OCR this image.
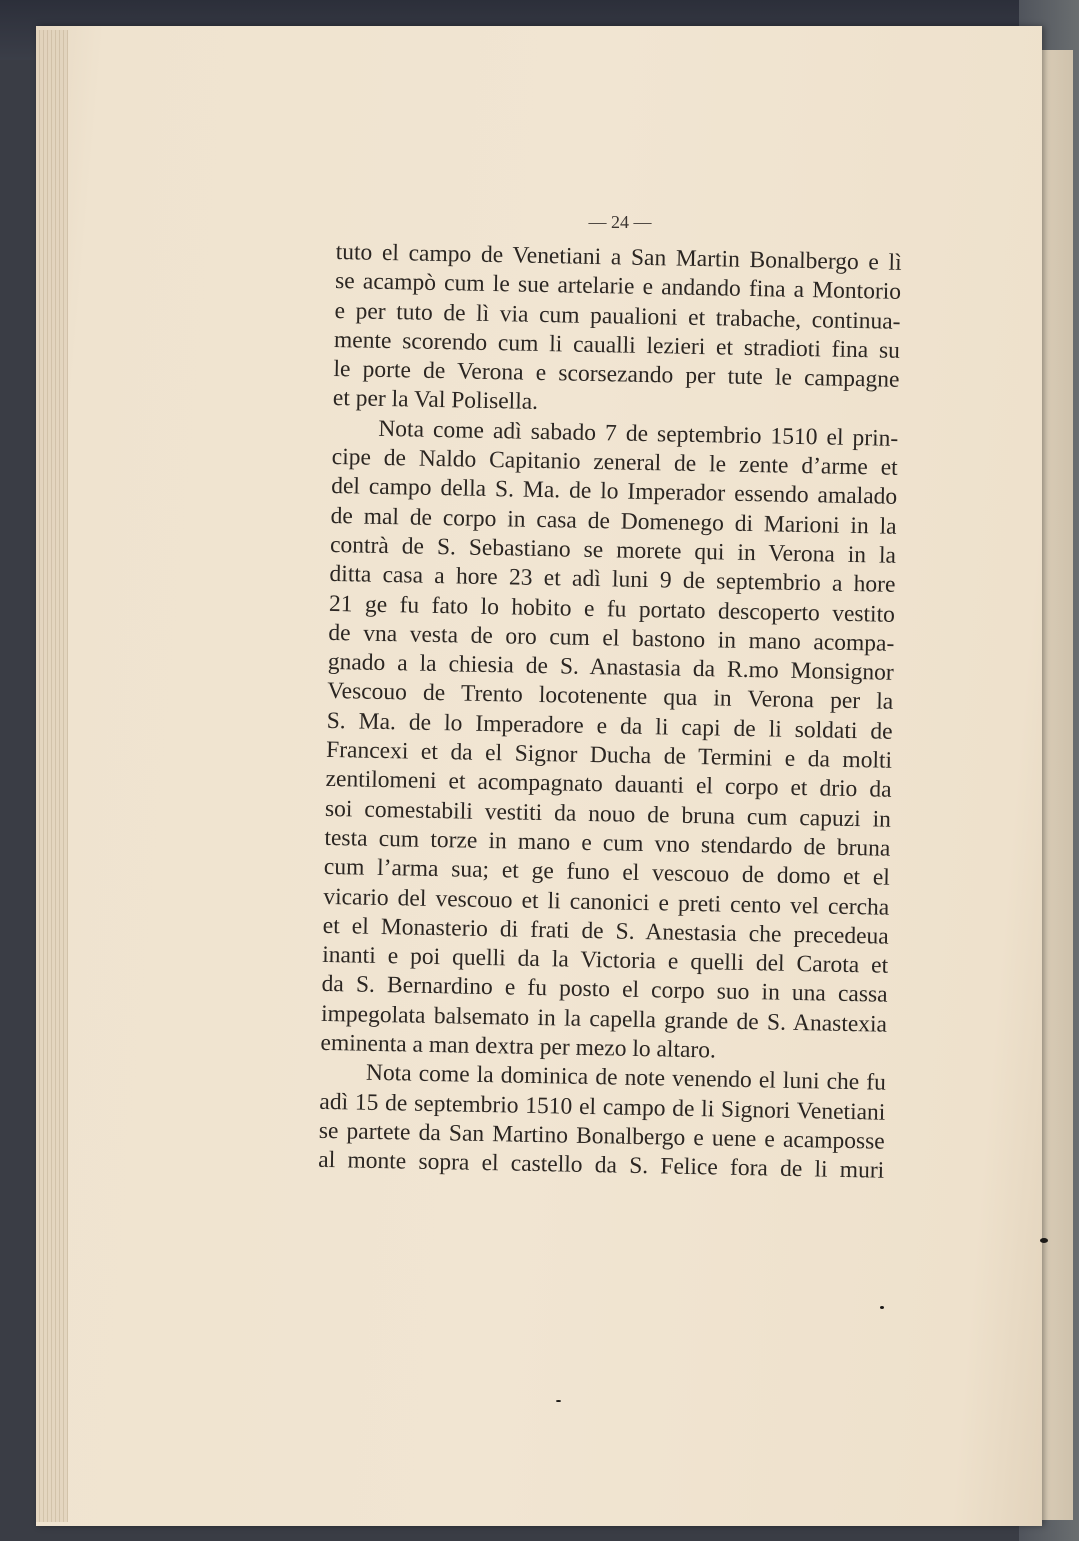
— 24 —
tuto el campo de Venetiani a San Martin Bonalbergo e lì
se acampò cum le sue artelarie e andando fina a Montorio
e per tuto de lì via cum paualioni et trabache, continua-
mente scorendo cum li caualli lezieri et stradioti fina su
le porte de Verona e scorsezando per tute le campagne
et per la Val Polisella.
Nota come adì sabado 7 de septembrio 1510 el prin-
cipe de Naldo Capitanio zeneral de le zente d’arme et
del campo della S. Ma. de lo Imperador essendo amalado
de mal de corpo in casa de Domenego di Marioni in la
contrà de S. Sebastiano se morete qui in Verona in la
ditta casa a hore 23 et adì luni 9 de septembrio a hore
21 ge fu fato lo hobito e fu portato descoperto vestito
de vna vesta de oro cum el bastono in mano acompa-
gnado a la chiesia de S. Anastasia da R.mo Monsignor
Vescouo de Trento locotenente qua in Verona per la
S. Ma. de lo Imperadore e da li capi de li soldati de
Francexi et da el Signor Ducha de Termini e da molti
zentilomeni et acompagnato dauanti el corpo et drio da
soi comestabili vestiti da nouo de bruna cum capuzi in
testa cum torze in mano e cum vno stendardo de bruna
cum l’arma sua; et ge funo el vescouo de domo et el
vicario del vescouo et li canonici e preti cento vel cercha
et el Monasterio di frati de S. Anestasia che precedeua
inanti e poi quelli da la Victoria e quelli del Carota et
da S. Bernardino e fu posto el corpo suo in una cassa
impegolata balsemato in la capella grande de S. Anastexia
eminenta a man dextra per mezo lo altaro.
Nota come la dominica de note venendo el luni che fu
adì 15 de septembrio 1510 el campo de li Signori Venetiani
se partete da San Martino Bonalbergo e uene e acamposse
al monte sopra el castello da S. Felice fora de li muri
